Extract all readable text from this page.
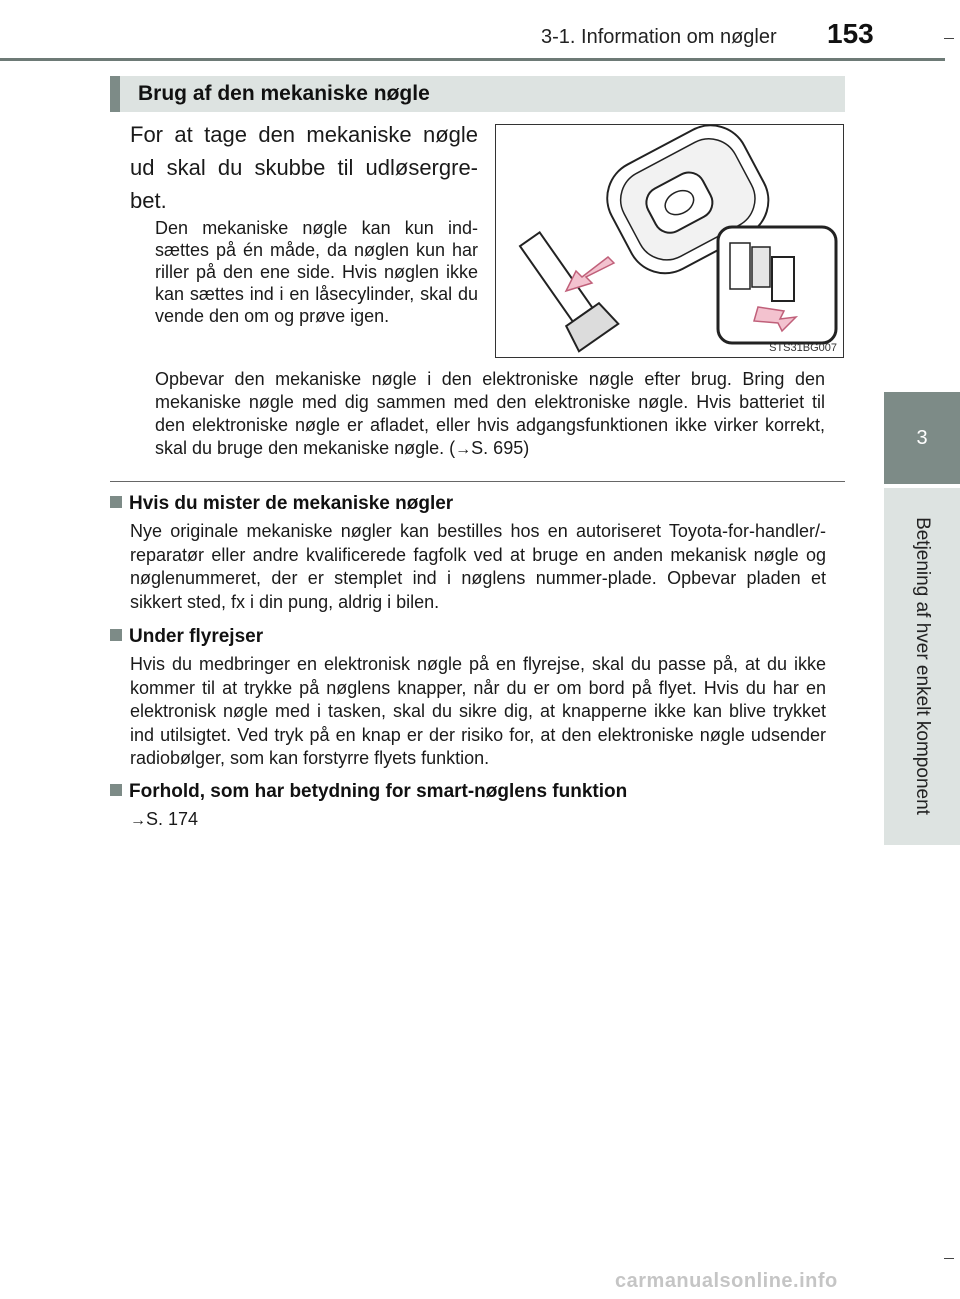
3-1. Information om nøgler 153
3
Betjening af hver enkelt komponent
Brug af den mekaniske nøgle
For at tage den mekaniske nøgle ud skal du skubbe til udløsergre-bet.
Den mekaniske nøgle kan kun ind-sættes på én måde, da nøglen kun har riller på den ene side. Hvis nøglen ikke kan sættes ind i en låsecylinder, skal du vende den om og prøve igen.
STS31BG007
Opbevar den mekaniske nøgle i den elektroniske nøgle efter brug. Bring den mekaniske nøgle med dig sammen med den elektroniske nøgle. Hvis batteriet til den elektroniske nøgle er afladet, eller hvis adgangsfunktionen ikke virker korrekt, skal du bruge den mekaniske nøgle. (→S. 695)
Hvis du mister de mekaniske nøgler
Nye originale mekaniske nøgler kan bestilles hos en autoriseret Toyota-for-handler/-reparatør eller andre kvalificerede fagfolk ved at bruge en anden mekanisk nøgle og nøglenummeret, der er stemplet ind i nøglens nummer-plade. Opbevar pladen et sikkert sted, fx i din pung, aldrig i bilen.
Under flyrejser
Hvis du medbringer en elektronisk nøgle på en flyrejse, skal du passe på, at du ikke kommer til at trykke på nøglens knapper, når du er om bord på flyet. Hvis du har en elektronisk nøgle med i tasken, skal du sikre dig, at knapperne ikke kan blive trykket ind utilsigtet. Ved tryk på en knap er der risiko for, at den elektroniske nøgle udsender radiobølger, som kan forstyrre flyets funktion.
Forhold, som har betydning for smart-nøglens funktion
→S. 174
carmanualsonline.info
